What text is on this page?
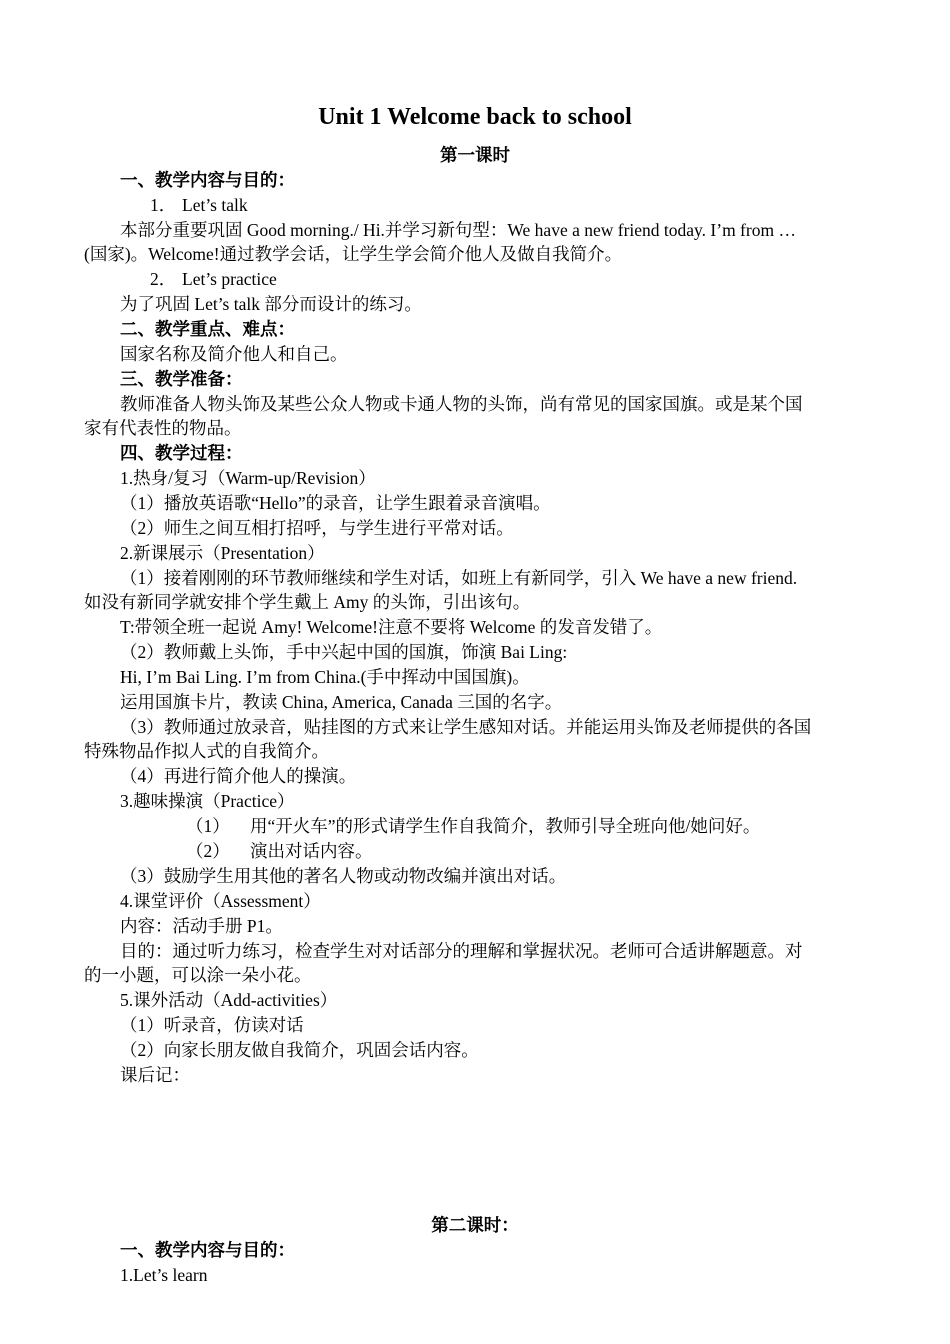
Unit 1 Welcome back to school
第一课时
一、教学内容与目的：
1． Let’s talk
本部分重要巩固 Good morning./ Hi.并学习新句型：We have a new friend today. I’m from …
(国家)。Welcome!通过教学会话，让学生学会简介他人及做自我简介。
2． Let’s practice
为了巩固 Let’s talk 部分而设计的练习。
二、教学重点、难点：
国家名称及简介他人和自己。
三、教学准备：
教师准备人物头饰及某些公众人物或卡通人物的头饰，尚有常见的国家国旗。或是某个国
家有代表性的物品。
四、教学过程：
1.热身/复习（Warm-up/Revision）
（1）播放英语歌“Hello”的录音，让学生跟着录音演唱。
（2）师生之间互相打招呼，与学生进行平常对话。
2.新课展示（Presentation）
（1）接着刚刚的环节教师继续和学生对话，如班上有新同学，引入 We have a new friend.
如没有新同学就安排个学生戴上 Amy 的头饰，引出该句。
T:带领全班一起说 Amy! Welcome!注意不要将 Welcome 的发音发错了。
（2）教师戴上头饰，手中兴起中国的国旗，饰演 Bai Ling:
Hi, I’m Bai Ling. I’m from China.(手中挥动中国国旗)。
运用国旗卡片，教读 China, America, Canada 三国的名字。
（3）教师通过放录音，贴挂图的方式来让学生感知对话。并能运用头饰及老师提供的各国
特殊物品作拟人式的自我简介。
（4）再进行简介他人的操演。
3.趣味操演（Practice）
（1） 用“开火车”的形式请学生作自我简介，教师引导全班向他/她问好。
（2） 演出对话内容。
（3）鼓励学生用其他的著名人物或动物改编并演出对话。
4.课堂评价（Assessment）
内容：活动手册 P1。
目的：通过听力练习，检查学生对对话部分的理解和掌握状况。老师可合适讲解题意。对
的一小题，可以涂一朵小花。
5.课外活动（Add-activities）
（1）听录音，仿读对话
（2）向家长朋友做自我简介，巩固会话内容。
课后记：
第二课时：
一、教学内容与目的：
1.Let’s learn
